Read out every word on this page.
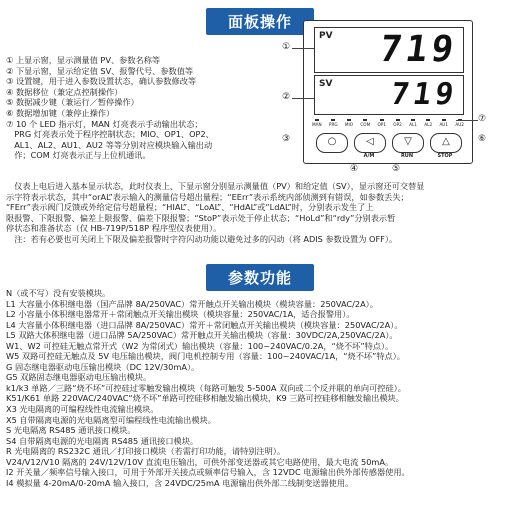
面板操作
PV 719
SV 719
MAN PRG MIO COM OP1 OP2 AL1 AL2 AU1 AU2
○	◁
A/M
▽
RUN
△
STOP
①
②
⑦
③
④	⑤
⑥
① 上显示窗，显示测量值 PV、参数名称等
② 下显示窗，显示给定值 SV、报警代号、参数值等
③ 设置键，用于进入参数设置状态，确认参数修改等
④ 数据移位（兼定点控制操作）
⑤ 数据减少键（兼运行／暂停操作）
⑥ 数据增加键（兼停止操作）
⑦ 10 个 LED 指示灯，MAN 灯亮表示手动输出状态；
　PRG 灯亮表示处于程序控制状态；MIO、OP1、OP2、
　AL1、AL2、AU1、AU2 等等分别对应模块输入输出动
　作；COM 灯亮表示正与上位机通讯。
　仪表上电后进入基本显示状态，此时仪表上、下显示窗分别显示测量值（PV）和给定值（SV），显示窗还可交替显
示字符表示状态，其中“orAL”表示输入的测量信号超出量程；“EErr”表示系统内部侦测到有错误，如参数丢失；
“FErr”表示阀门反馈或外给定信号超量程；“HIAL”、“LoAL”、“HdAL”或“LdAL”时，分别表示发生了上
限报警、下限报警、偏差上限报警、偏差下限报警；“StoP”表示处于停止状态；“HoLd”和“rdy”分别表示暂
停状态和准备状态（仅 HB-719P/518P 程序型仪表使用）。
　注：若有必要也可关闭上下限及偏差报警时字符闪动功能以避免过多的闪动（将 ADIS 参数设置为 OFF）。
参数功能
N（或不写）没有安装模块。
L1 大容量小体积继电器（国产品牌 8A/250VAC）常开触点开关输出模块（模块容量：250VAC/2A）。
L2 小容量小体积继电器常开＋常闭触点开关输出模块（模块容量：250VAC/1A，适合报警用）。
L4 大容量小体积继电器（进口品牌 8A/250VAC）常开＋常闭触点开关输出模块（模块容量：250VAC/2A）。
L5 双路大体积继电器（进口品牌 5A/250VAC）常开触点开关输出模块（容量：30VDC/2A,250VAC/2A）。
W1、W2 可控硅无触点常开式（W2 为常闭式）输出模块（容量：100~240VAC/0.2A，“烧不坏”特点）。
W5 双路可控硅无触点及 5V 电压输出模块，阀门电机控制专用（容量：100~240VAC/1A，“烧不坏”特点）。
G 固态继电器驱动电压输出模块（DC 12V/30mA）。
G5 双路固态继电器驱动电压输出模块。
k1/k3 单路／三路“烧不坏”可控硅过零触发输出模块（每路可触发 5-500A 双向或二个反并联的单向可控硅）。
K51/K61 单路 220VAC/240VAC“烧不坏”单路可控硅移相触发输出模块，K9 三路可控硅移相触发输出模块。
X3 光电隔离的可编程线性电流输出模块。
X5 自带隔离电源的光电隔离型可编程线性电流输出模块。
S 光电隔离 RS485 通讯接口模块。
S4 自带隔离电源的光电隔离 RS485 通讯接口模块。
R 光电隔离的 RS232C 通讯／打印接口模块（若需打印功能，请特别注明）。
V24/V12/V10 隔离的 24V/12V/10V 直流电压输出，可供外部变送器或其它电路使用，最大电流 50mA。
I2 开关量／频率信号输入接口，可用于外部开关接点或频率信号输入，含 12VDC 电源输出供外部传感器使用。
I4 模拟量 4-20mA/0-20mA 输入接口，含 24VDC/25mA 电源输出供外部二线制变送器使用。
